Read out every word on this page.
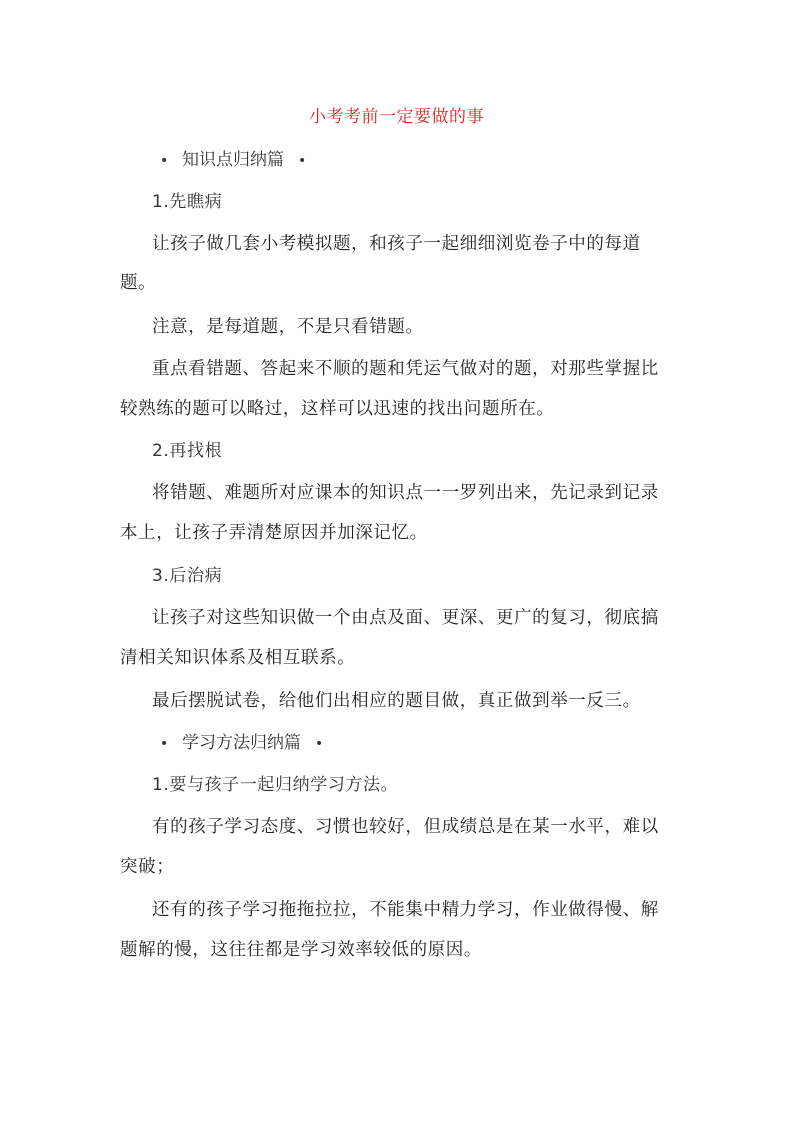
小考考前一定要做的事
• 知识点归纳篇 •
1.先瞧病
让孩子做几套小考模拟题，和孩子一起细细浏览卷子中的每道
题。
注意，是每道题，不是只看错题。
重点看错题、答起来不顺的题和凭运气做对的题，对那些掌握比
较熟练的题可以略过，这样可以迅速的找出问题所在。
2.再找根
将错题、难题所对应课本的知识点一一罗列出来，先记录到记录
本上，让孩子弄清楚原因并加深记忆。
3.后治病
让孩子对这些知识做一个由点及面、更深、更广的复习，彻底搞
清相关知识体系及相互联系。
最后摆脱试卷，给他们出相应的题目做，真正做到举一反三。
• 学习方法归纳篇 •
1.要与孩子一起归纳学习方法。
有的孩子学习态度、习惯也较好，但成绩总是在某一水平，难以
突破；
还有的孩子学习拖拖拉拉，不能集中精力学习，作业做得慢、解
题解的慢，这往往都是学习效率较低的原因。
